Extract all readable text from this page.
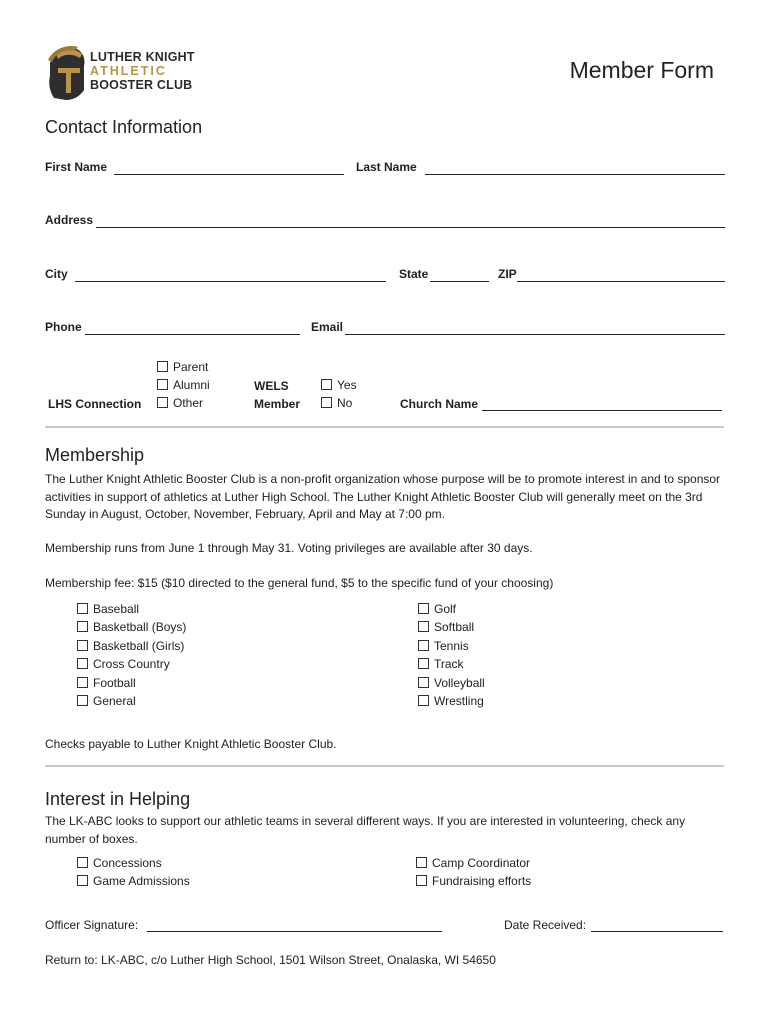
LUTHER KNIGHT
ATHLETIC
BOOSTER CLUB
Member Form
Contact Information
First Name	Last Name
Address
City	State	ZIP
Phone	Email
LHS Connection
Parent
Alumni
Other
WELS
Member
Yes
No	Church Name
Membership
The Luther Knight Athletic Booster Club is a non-profit organization whose purpose will be to promote interest in and to sponsor activities in support of athletics at Luther High School. The Luther Knight Athletic Booster Club will generally meet on the 3rd Sunday in August, October, November, February, April and May at 7:00 pm.
Membership runs from June 1 through May 31. Voting privileges are available after 30 days.
Membership fee: $15 ($10 directed to the general fund, $5 to the specific fund of your choosing)
Baseball
Basketball (Boys)
Basketball (Girls)
Cross Country
Football
General
Golf
Softball
Tennis
Track
Volleyball
Wrestling
Checks payable to Luther Knight Athletic Booster Club.
Interest in Helping
The LK-ABC looks to support our athletic teams in several different ways. If you are interested in volunteering, check any number of boxes.
Concessions
Game Admissions
Camp Coordinator
Fundraising efforts
Officer Signature:	Date Received:
Return to: LK-ABC, c/o Luther High School, 1501 Wilson Street, Onalaska, WI 54650
